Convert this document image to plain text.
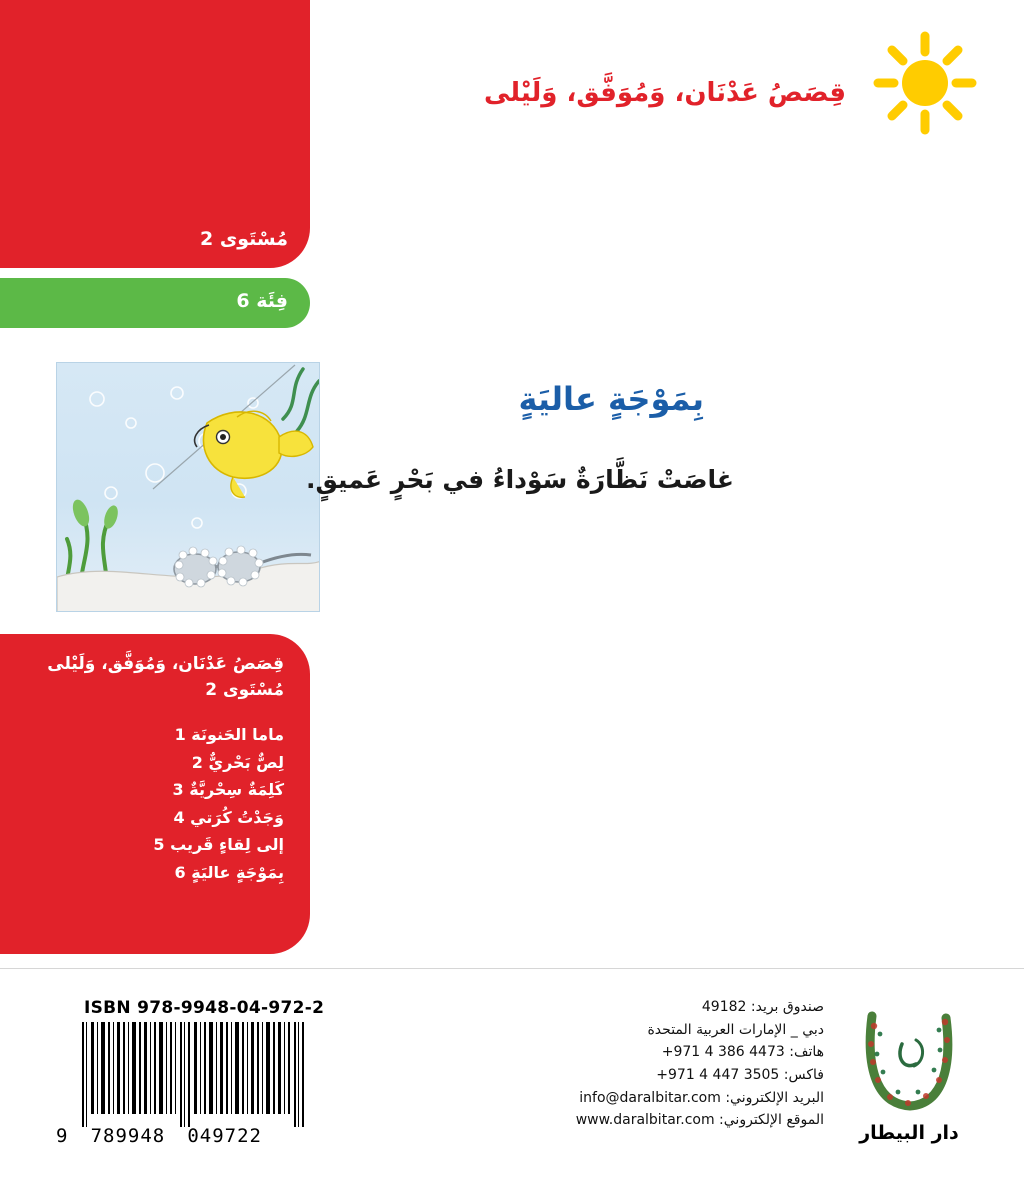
مُسْتَوى 2
فِئَة 6
قِصَصُ عَدْنَان، وَمُوَفَّق، وَلَيْلى
بِمَوْجَةٍ عاليَةٍ
غاصَتْ نَظَّارَةٌ سَوْداءُ في بَحْرٍ عَميقٍ.
قِصَصُ عَدْنَان، وَمُوَفَّق، وَلَيْلى
مُسْتَوى 2
ماما الحَنونَة 1
لِصٌّ بَحْريٌّ 2
كَلِمَةٌ سِحْريَّةٌ 3
وَجَدْتُ كُرَتي 4
إلى لِقاءٍ قَريب 5
بِمَوْجَةٍ عاليَةٍ 6
ISBN 978-9948-04-972-2
9 789948 049722
صندوق بريد: 49182
دبي _ الإمارات العربية المتحدة
هاتف: +971 4 386 4473
فاكس: +971 4 447 3505
البريد الإلكتروني: info@daralbitar.com
الموقع الإلكتروني: www.daralbitar.com
دار البيطار
